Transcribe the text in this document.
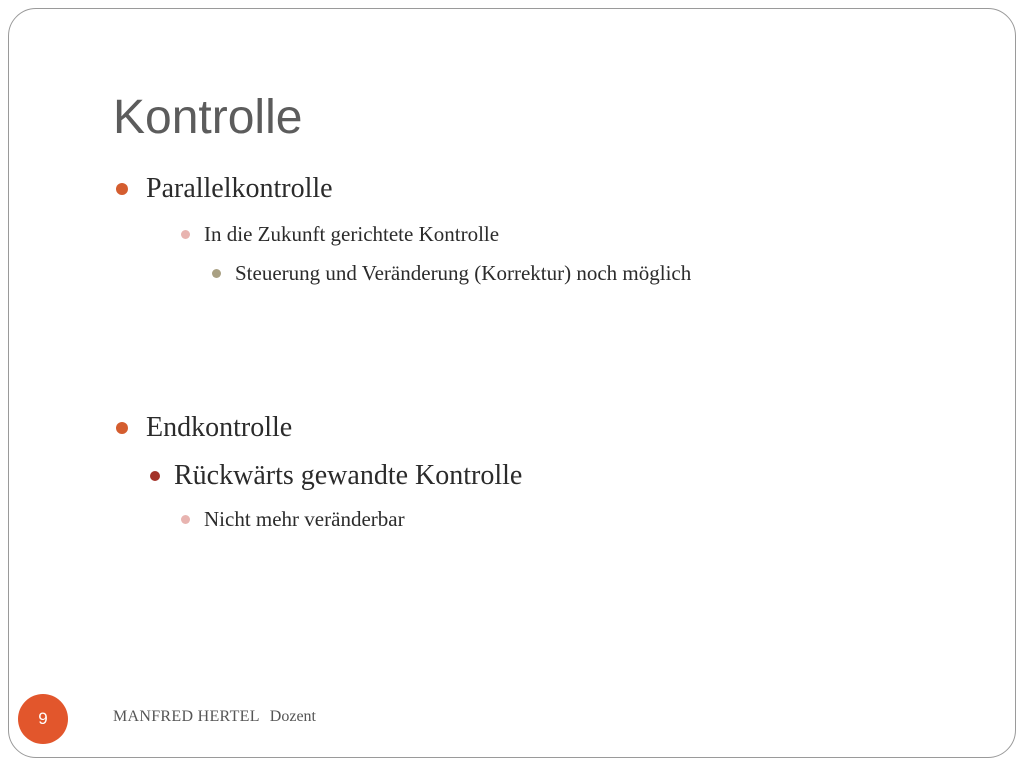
Kontrolle
Parallelkontrolle
In die Zukunft gerichtete Kontrolle
Steuerung und Veränderung (Korrektur) noch möglich
Endkontrolle
Rückwärts gewandte Kontrolle
Nicht mehr veränderbar
9	MANFRED HERTEL Dozent
